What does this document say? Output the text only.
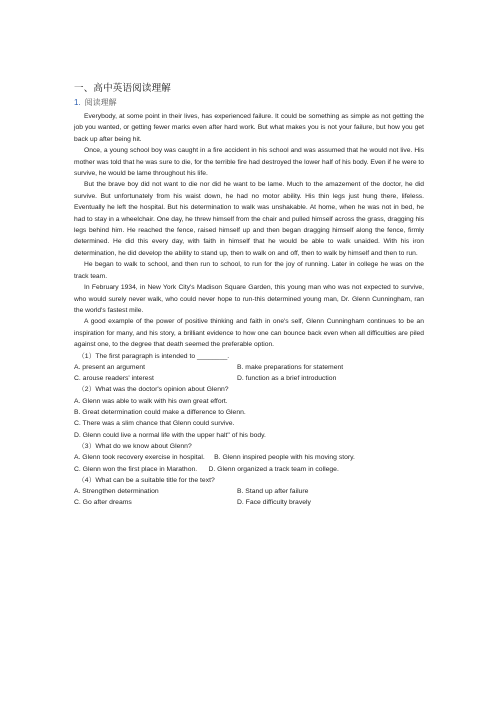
一、高中英语阅读理解
1. 阅读理解

Everybody, at some point in their lives, has experienced failure. It could be something as simple as not getting the job you wanted, or getting fewer marks even after hard work. But what makes you is not your failure, but how you get back up after being hit.

Once, a young school boy was caught in a fire accident in his school and was assumed that he would not live. His mother was told that he was sure to die, for the terrible fire had destroyed the lower half of his body. Even if he were to survive, he would be lame throughout his life.

But the brave boy did not want to die nor did he want to be lame. Much to the amazement of the doctor, he did survive. But unfortunately from his waist down, he had no motor ability. His thin legs just hung there, lifeless. Eventually he left the hospital. But his determination to walk was unshakable. At home, when he was not in bed, he had to stay in a wheelchair. One day, he threw himself from the chair and pulled himself across the grass, dragging his legs behind him. He reached the fence, raised himself up and then began dragging himself along the fence, firmly determined. He did this every day, with faith in himself that he would be able to walk unaided. With his iron determination, he did develop the ability to stand up, then to walk on and off, then to walk by himself and then to run.

He began to walk to school, and then run to school, to run for the joy of running. Later in college he was on the track team.

In February 1934, in New York City's Madison Square Garden, this young man who was not expected to survive, who would surely never walk, who could never hope to run-this determined young man, Dr. Glenn Cunningham, ran the world's fastest mile.

A good example of the power of positive thinking and faith in one's self, Glenn Cunningham continues to be an inspiration for many, and his story, a brilliant evidence to how one can bounce back even when all difficulties are piled against one, to the degree that death seemed the preferable option.

（1）The first paragraph is intended to ________.

A. present an argument	B. make preparations for statement
C. arouse readers' interest	D. function as a brief introduction

（2）What was the doctor's opinion about Glenn?

A. Glenn was able to walk with his own great effort.

B. Great determination could make a difference to Glenn.

C. There was a slim chance that Glenn could survive.

D. Glenn could live a normal life with the upper halt" of his body.

（3）What do we know about Glenn?

A. Glenn took recovery exercise in hospital.     B. Glenn inspired people with his moving story.

C. Glenn won the first place in Marathon.      D. Glenn organized a track team in college.

（4）What can be a suitable title for the text?

A. Strengthen determination	B. Stand up after failure
C. Go after dreams	D. Face difficulty bravely
